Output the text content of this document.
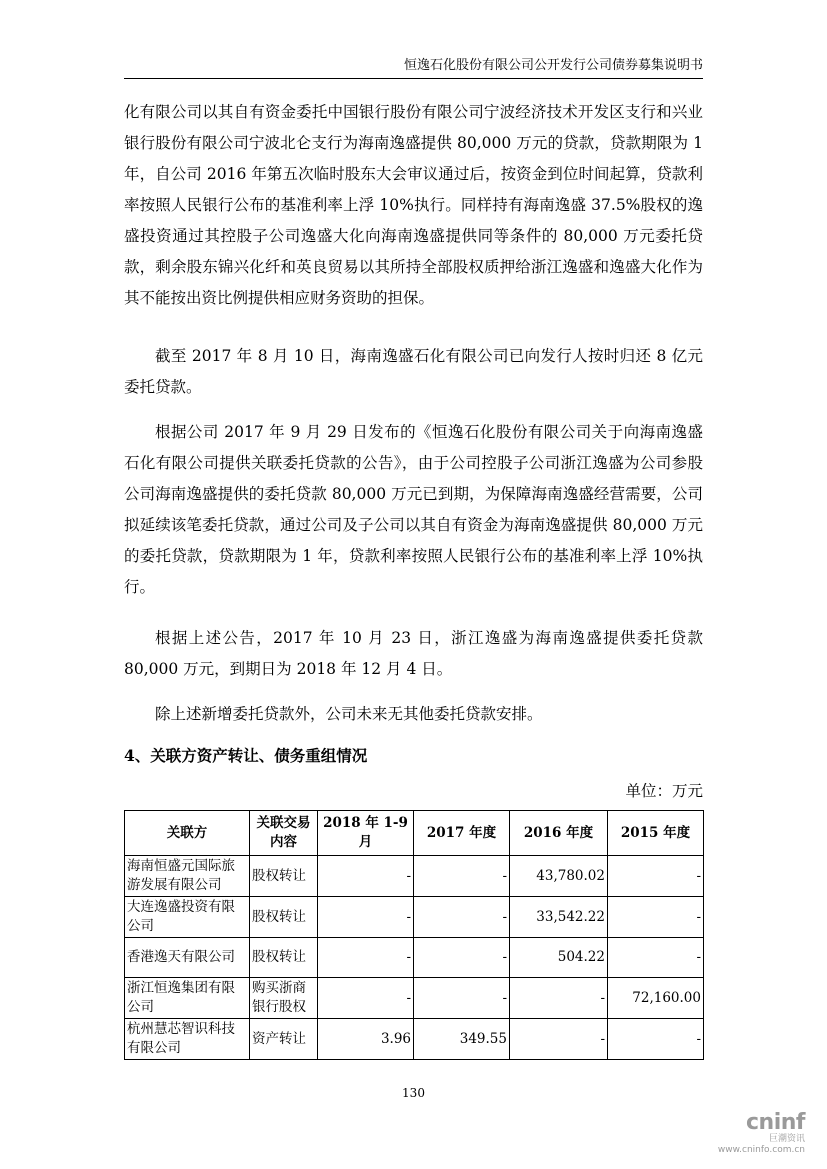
恒逸石化股份有限公司公开发行公司债券募集说明书

化有限公司以其自有资金委托中国银行股份有限公司宁波经济技术开发区支行和兴业银行股份有限公司宁波北仑支行为海南逸盛提供 80,000 万元的贷款，贷款期限为 1 年，自公司 2016 年第五次临时股东大会审议通过后，按资金到位时间起算，贷款利率按照人民银行公布的基准利率上浮 10%执行。同样持有海南逸盛 37.5%股权的逸盛投资通过其控股子公司逸盛大化向海南逸盛提供同等条件的 80,000 万元委托贷款，剩余股东锦兴化纤和英良贸易以其所持全部股权质押给浙江逸盛和逸盛大化作为其不能按出资比例提供相应财务资助的担保。

截至 2017 年 8 月 10 日，海南逸盛石化有限公司已向发行人按时归还 8 亿元委托贷款。

根据公司 2017 年 9 月 29 日发布的《恒逸石化股份有限公司关于向海南逸盛石化有限公司提供关联委托贷款的公告》，由于公司控股子公司浙江逸盛为公司参股公司海南逸盛提供的委托贷款 80,000 万元已到期，为保障海南逸盛经营需要，公司拟延续该笔委托贷款，通过公司及子公司以其自有资金为海南逸盛提供 80,000 万元的委托贷款，贷款期限为 1 年，贷款利率按照人民银行公布的基准利率上浮 10%执行。

根据上述公告，2017 年 10 月 23 日，浙江逸盛为海南逸盛提供委托贷款 80,000 万元，到期日为 2018 年 12 月 4 日。

除上述新增委托贷款外，公司未来无其他委托贷款安排。

4、关联方资产转让、债务重组情况
单位：万元
关联方	关联交易内容	2018 年 1-9 月	2017 年度	2016 年度	2015 年度
海南恒盛元国际旅游发展有限公司	股权转让	-	-	43,780.02	-
大连逸盛投资有限公司	股权转让	-	-	33,542.22	-
香港逸天有限公司	股权转让	-	-	504.22	-
浙江恒逸集团有限公司	购买浙商银行股权	-	-	-	72,160.00
杭州慧芯智识科技有限公司	资产转让	3.96	349.55	-	-
130
cninf
巨潮资讯
www.cninfo.com.cn
